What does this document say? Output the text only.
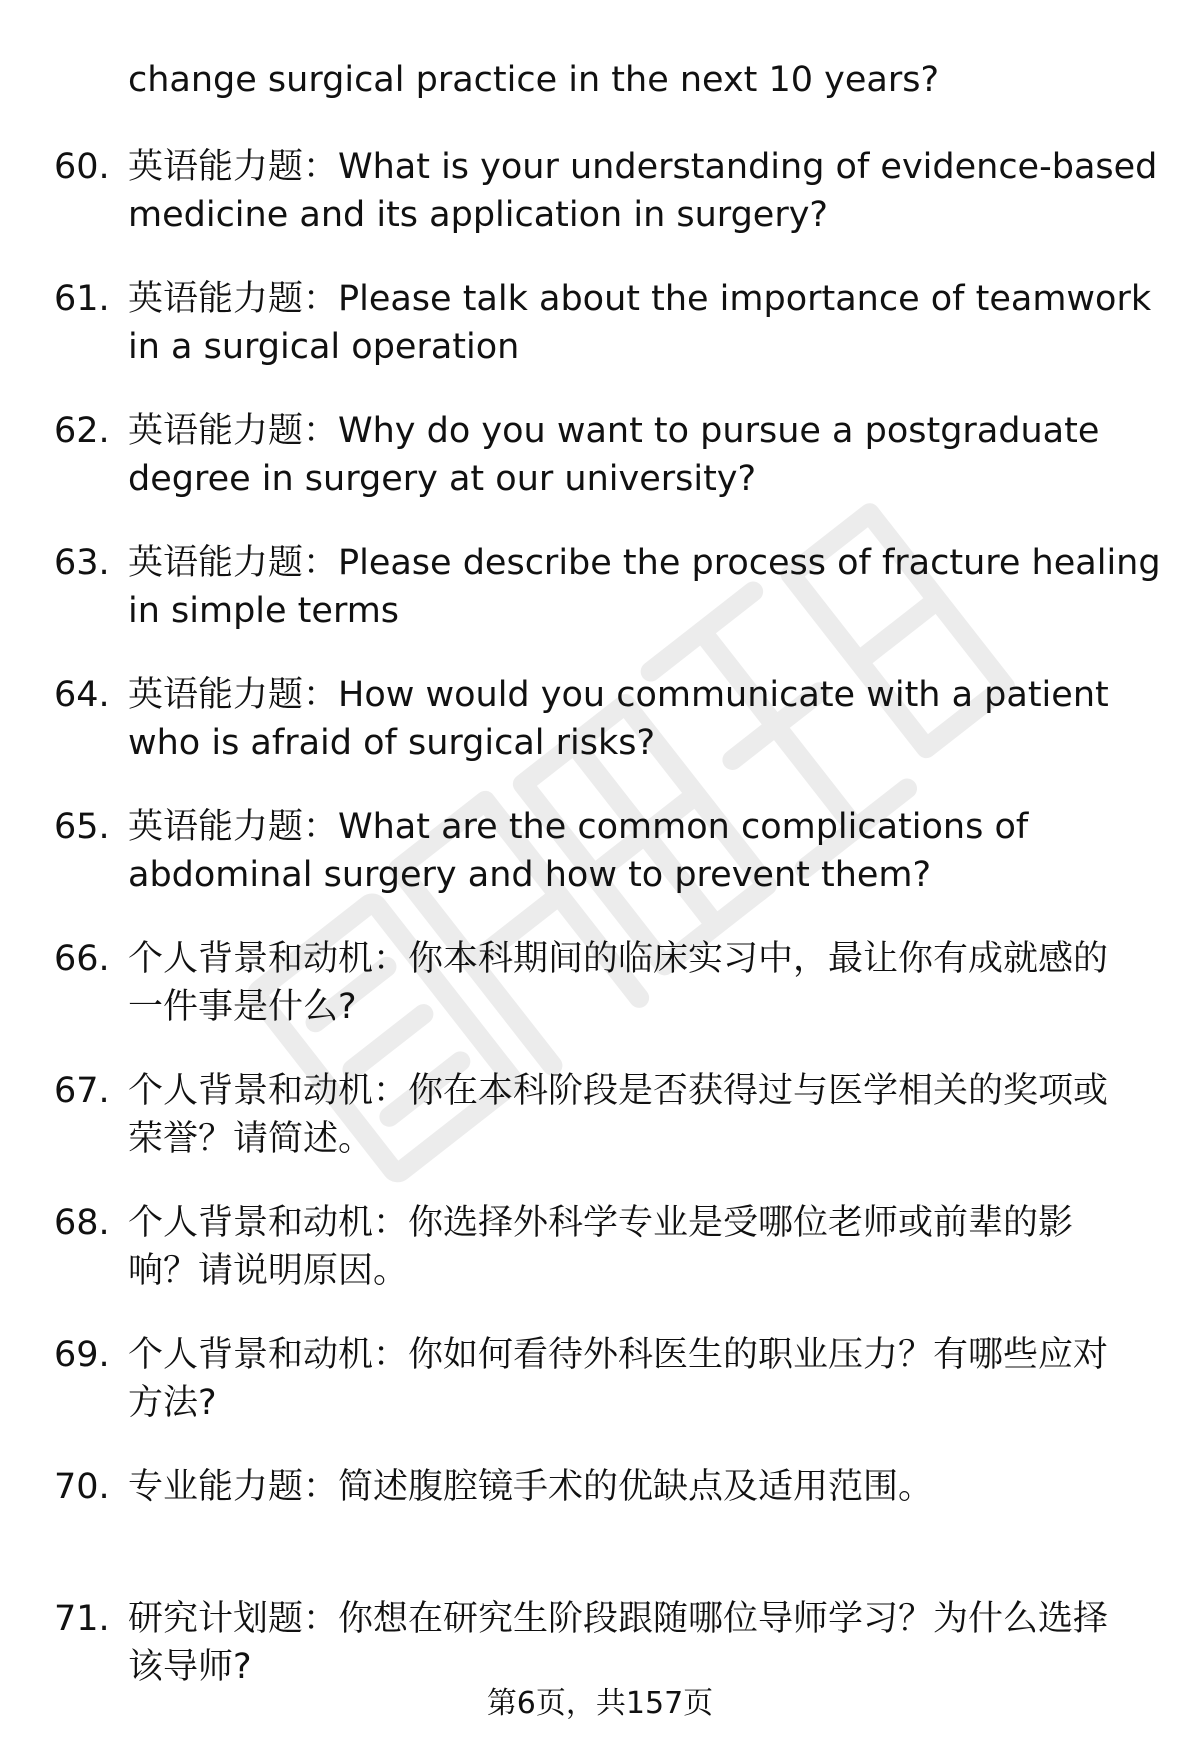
change surgical practice in the next 10 years?
60. 英语能力题：What is your understanding of evidence-based
medicine and its application in surgery?
61. 英语能力题：Please talk about the importance of teamwork
in a surgical operation
62. 英语能力题：Why do you want to pursue a postgraduate
degree in surgery at our university?
63. 英语能力题：Please describe the process of fracture healing
in simple terms
64. 英语能力题：How would you communicate with a patient
who is afraid of surgical risks?
65. 英语能力题：What are the common complications of
abdominal surgery and how to prevent them?
66. 个人背景和动机：你本科期间的临床实习中，最让你有成就感的
一件事是什么?
67. 个人背景和动机：你在本科阶段是否获得过与医学相关的奖项或
荣誉？请简述。
68. 个人背景和动机：你选择外科学专业是受哪位老师或前辈的影
响？请说明原因。
69. 个人背景和动机：你如何看待外科医生的职业压力？有哪些应对
方法?
70. 专业能力题：简述腹腔镜手术的优缺点及适用范围。
71. 研究计划题：你想在研究生阶段跟随哪位导师学习？为什么选择
该导师?
第6页，共157页
